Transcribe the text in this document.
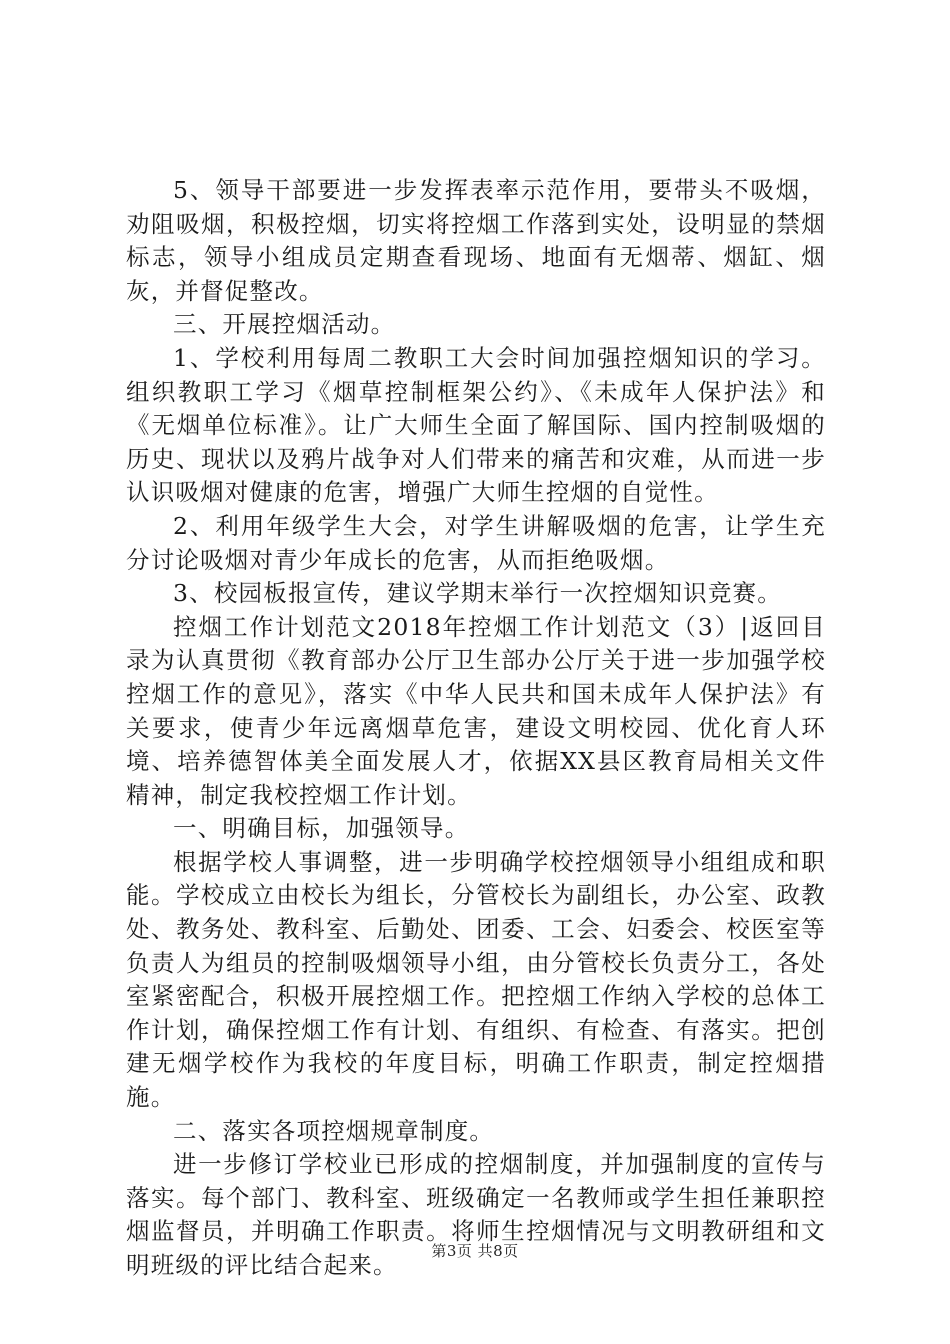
5、领导干部要进一步发挥表率示范作用，要带头不吸烟，劝阻吸烟，积极控烟，切实将控烟工作落到实处，设明显的禁烟标志，领导小组成员定期查看现场、地面有无烟蒂、烟缸、烟灰，并督促整改。

三、开展控烟活动。

1、学校利用每周二教职工大会时间加强控烟知识的学习。组织教职工学习《烟草控制框架公约》、《未成年人保护法》和《无烟单位标准》。让广大师生全面了解国际、国内控制吸烟的历史、现状以及鸦片战争对人们带来的痛苦和灾难，从而进一步认识吸烟对健康的危害，增强广大师生控烟的自觉性。

2、利用年级学生大会，对学生讲解吸烟的危害，让学生充分讨论吸烟对青少年成长的危害，从而拒绝吸烟。

3、校园板报宣传，建议学期末举行一次控烟知识竞赛。

控烟工作计划范文2018年控烟工作计划范文（3）|返回目录为认真贯彻《教育部办公厅卫生部办公厅关于进一步加强学校控烟工作的意见》，落实《中华人民共和国未成年人保护法》有关要求，使青少年远离烟草危害，建设文明校园、优化育人环境、培养德智体美全面发展人才，依据XX县区教育局相关文件精神，制定我校控烟工作计划。

一、明确目标，加强领导。

根据学校人事调整，进一步明确学校控烟领导小组组成和职能。学校成立由校长为组长，分管校长为副组长，办公室、政教处、教务处、教科室、后勤处、团委、工会、妇委会、校医室等负责人为组员的控制吸烟领导小组，由分管校长负责分工，各处室紧密配合，积极开展控烟工作。把控烟工作纳入学校的总体工作计划，确保控烟工作有计划、有组织、有检查、有落实。把创建无烟学校作为我校的年度目标，明确工作职责，制定控烟措施。

二、落实各项控烟规章制度。

进一步修订学校业已形成的控烟制度，并加强制度的宣传与落实。每个部门、教科室、班级确定一名教师或学生担任兼职控烟监督员，并明确工作职责。将师生控烟情况与文明教研组和文明班级的评比结合起来。	第3页 共8页
